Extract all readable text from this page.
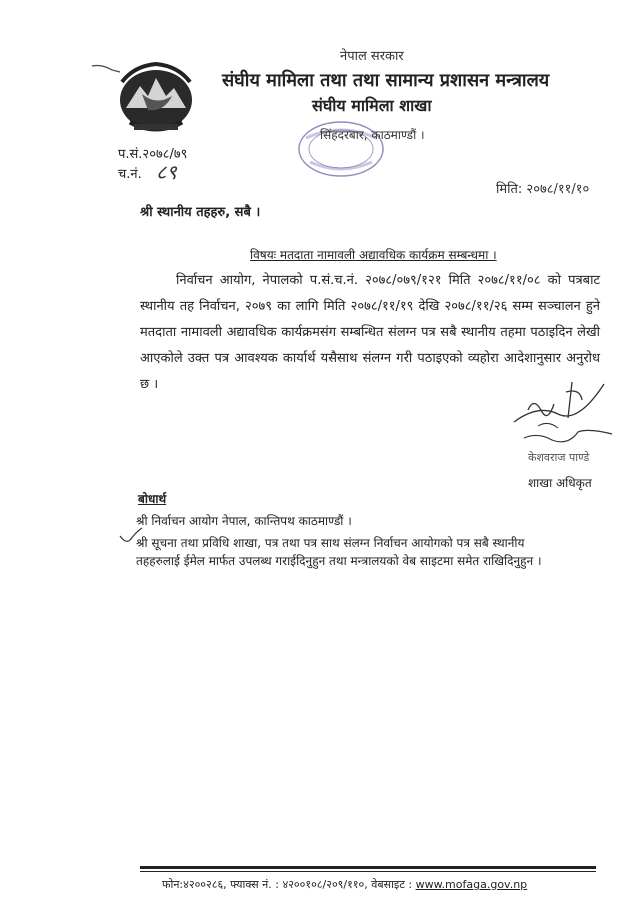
नेपाल सरकार
संघीय मामिला तथा तथा सामान्य प्रशासन मन्त्रालय
संघीय मामिला शाखा
सिंहदरबार, काठमाण्डौं ।
प.सं.२०७८/७९
च.नं. ८९
मिति: २०७८/११/१०
श्री स्थानीय तहहरु, सबै ।
विषयः मतदाता नामावली अद्यावधिक कार्यक्रम सम्बन्धमा ।
निर्वाचन आयोग, नेपालको प.सं.च.नं. २०७८/०७९/१२१ मिति २०७८/११/०८ को पत्रबाट स्थानीय तह निर्वाचन, २०७९ का लागि मिति २०७८/११/१९ देखि २०७८/११/२६ सम्म सञ्चालन हुने मतदाता नामावली अद्यावधिक कार्यक्रमसंग सम्बन्धित संलग्न पत्र सबै स्थानीय तहमा पठाइदिन लेखी आएकोले उक्त पत्र आवश्यक कार्यार्थ यसैसाथ संलग्न गरी पठाइएको व्यहोरा आदेशानुसार अनुरोध छ ।
केशवराज पाण्डे
शाखा अधिकृत
बोधार्थ
श्री निर्वाचन आयोग नेपाल, कान्तिपथ काठमाण्डौं ।
श्री सूचना तथा प्रविधि शाखा, पत्र तथा पत्र साथ संलग्न निर्वाचन आयोगको पत्र सबै स्थानीय
तहहरुलाई ईमेल मार्फत उपलब्ध गराईदिनुहुन तथा मन्त्रालयको वेब साइटमा समेत राखिदिनुहुन ।
फोन:४२००२८६, फ्याक्स नं. : ४२००१०८/२०९/११०, वेबसाइट : www.mofaga.gov.np
